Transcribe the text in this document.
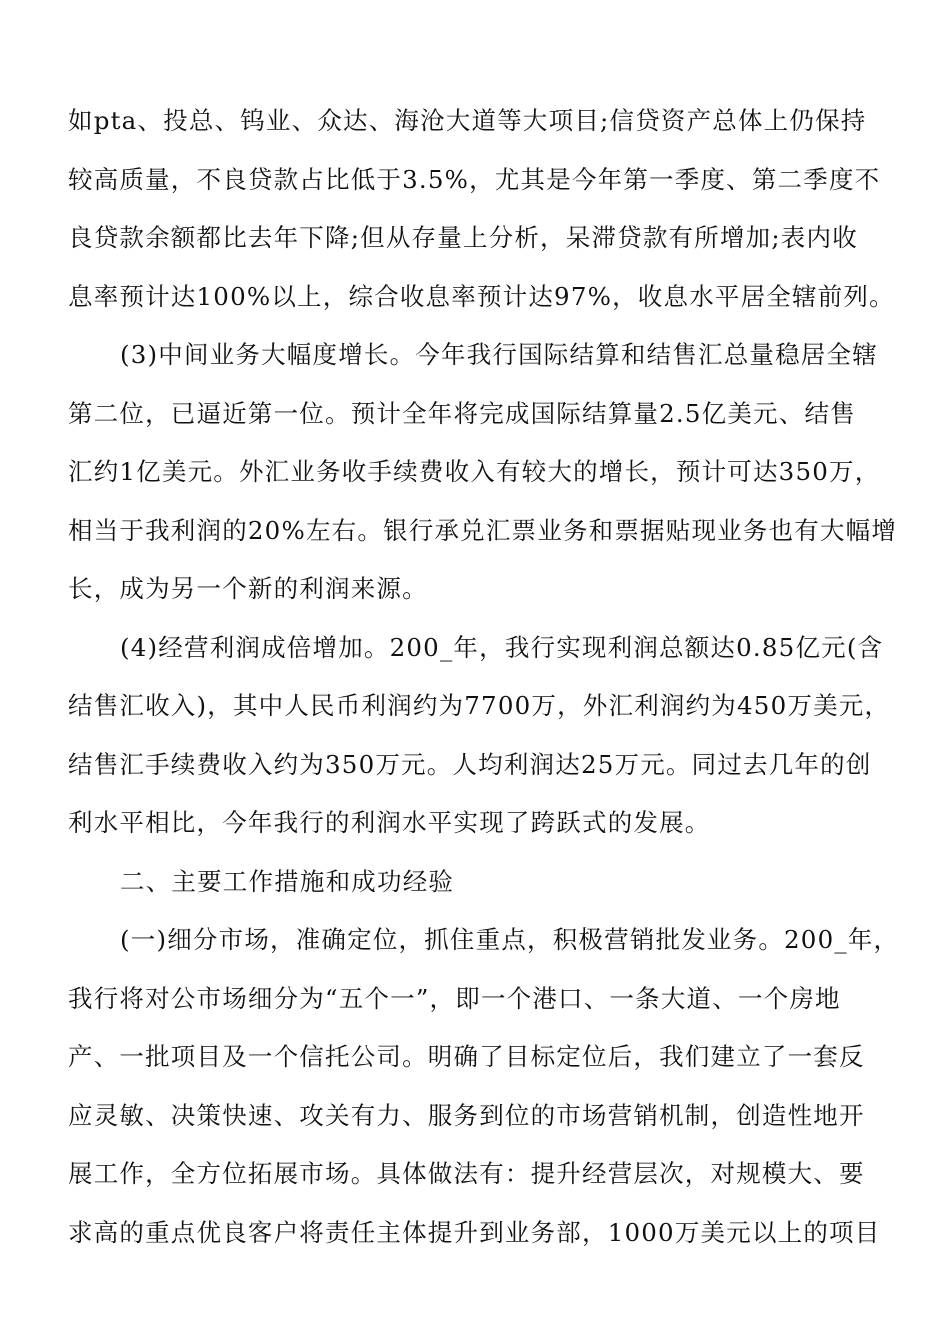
如pta、投总、钨业、众达、海沧大道等大项目;信贷资产总体上仍保持
较高质量，不良贷款占比低于3.5%，尤其是今年第一季度、第二季度不
良贷款余额都比去年下降;但从存量上分析，呆滞贷款有所增加;表内收
息率预计达100%以上，综合收息率预计达97%，收息水平居全辖前列。
(3)中间业务大幅度增长。今年我行国际结算和结售汇总量稳居全辖
第二位，已逼近第一位。预计全年将完成国际结算量2.5亿美元、结售
汇约1亿美元。外汇业务收手续费收入有较大的增长，预计可达350万，
相当于我利润的20%左右。银行承兑汇票业务和票据贴现业务也有大幅增
长，成为另一个新的利润来源。
(4)经营利润成倍增加。200_年，我行实现利润总额达0.85亿元(含
结售汇收入)，其中人民币利润约为7700万，外汇利润约为450万美元，
结售汇手续费收入约为350万元。人均利润达25万元。同过去几年的创
利水平相比，今年我行的利润水平实现了跨跃式的发展。
二、主要工作措施和成功经验
(一)细分市场，准确定位，抓住重点，积极营销批发业务。200_年，
我行将对公市场细分为“五个一”，即一个港口、一条大道、一个房地
产、一批项目及一个信托公司。明确了目标定位后，我们建立了一套反
应灵敏、决策快速、攻关有力、服务到位的市场营销机制，创造性地开
展工作，全方位拓展市场。具体做法有：提升经营层次，对规模大、要
求高的重点优良客户将责任主体提升到业务部，1000万美元以上的项目
